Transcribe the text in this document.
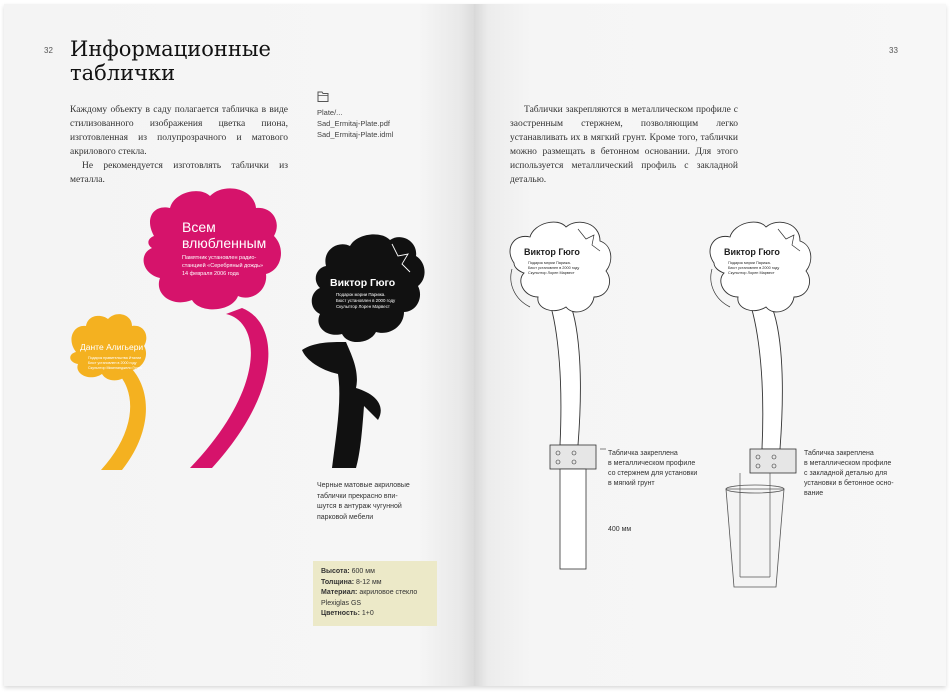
32 Информационные
таблички

Каждому объекту в саду полагается табличка в виде стилизованного изображения цветка пиона, изготовленная из полупрозрачного и матового акрилового стекла.
Не рекомендуется изготовлять таблички из металла.

Plate/...
Sad_Ermitaj-Plate.pdf
Sad_Ermitaj-Plate.idml
Данте Алигьери
Подарок правительства Италии
Бюст установлен в 2000 году
Скульптор Микеланджело Гуэра
Всем
влюбленным
Памятник установлен радио-
станцией «Серебряный дождь»
14 февраля 2006 года
Виктор Гюго
Подарок мэрии Парижа.
Бюст установлен в 2000 году
Скульптор Лорен Марвест
Черные матовые акриловые
таблички прекрасно впи-
шутся в антураж чугунной
парковой мебели
Высота: 600 мм
Толщина: 8-12 мм
Материал: акриловое стекло
Plexiglas GS
Цветность: 1+0
33

Таблички закрепляются в металлическом профиле с заостренным стержнем, позволяющим легко устанавливать их в мягкий грунт. Кроме того, таблички можно размещать в бетонном основании. Для этого используется металлический профиль с закладной деталью.

Виктор Гюго
Подарок мэрии Парижа.
Бюст установлен в 2000 году
Скульптор Лорен Марвест
Табличка закреплена
в металлическом профиле
со стержнем для установки
в мягкий грунт
400 мм
Виктор Гюго
Подарок мэрии Парижа.
Бюст установлен в 2000 году
Скульптор Лорен Марвест
Табличка закреплена
в металлическом профиле
с закладной деталью для
установки в бетонное осно-
вание
